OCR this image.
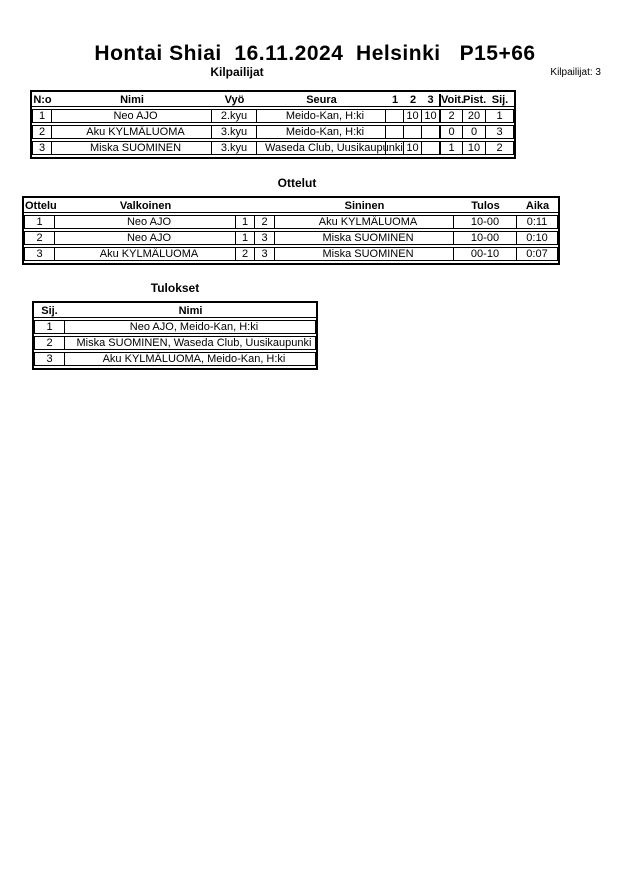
Hontai Shiai  16.11.2024  Helsinki   P15+66
Kilpailijat	Kilpailijat: 3
N:o	Nimi	Vyö	Seura	1	2	3	Voit.	Pist.	Sij.
1	Neo AJO	2.kyu	Meido-Kan, H:ki		10	10	2	20	1
2	Aku KYLMÄLUOMA	3.kyu	Meido-Kan, H:ki				0	0	3
3	Miska SUOMINEN	3.kyu	Waseda Club, Uusikaupunki		10		1	10	2
Ottelut
Ottelu	Valkoinen			Sininen	Tulos	Aika
1	Neo AJO	1	2	Aku KYLMÄLUOMA	10-00	0:11
2	Neo AJO	1	3	Miska SUOMINEN	10-00	0:10
3	Aku KYLMÄLUOMA	2	3	Miska SUOMINEN	00-10	0:07
Tulokset
Sij.	Nimi
1	Neo AJO, Meido-Kan, H:ki
2	Miska SUOMINEN, Waseda Club, Uusikaupunki
3	Aku KYLMÄLUOMA, Meido-Kan, H:ki
